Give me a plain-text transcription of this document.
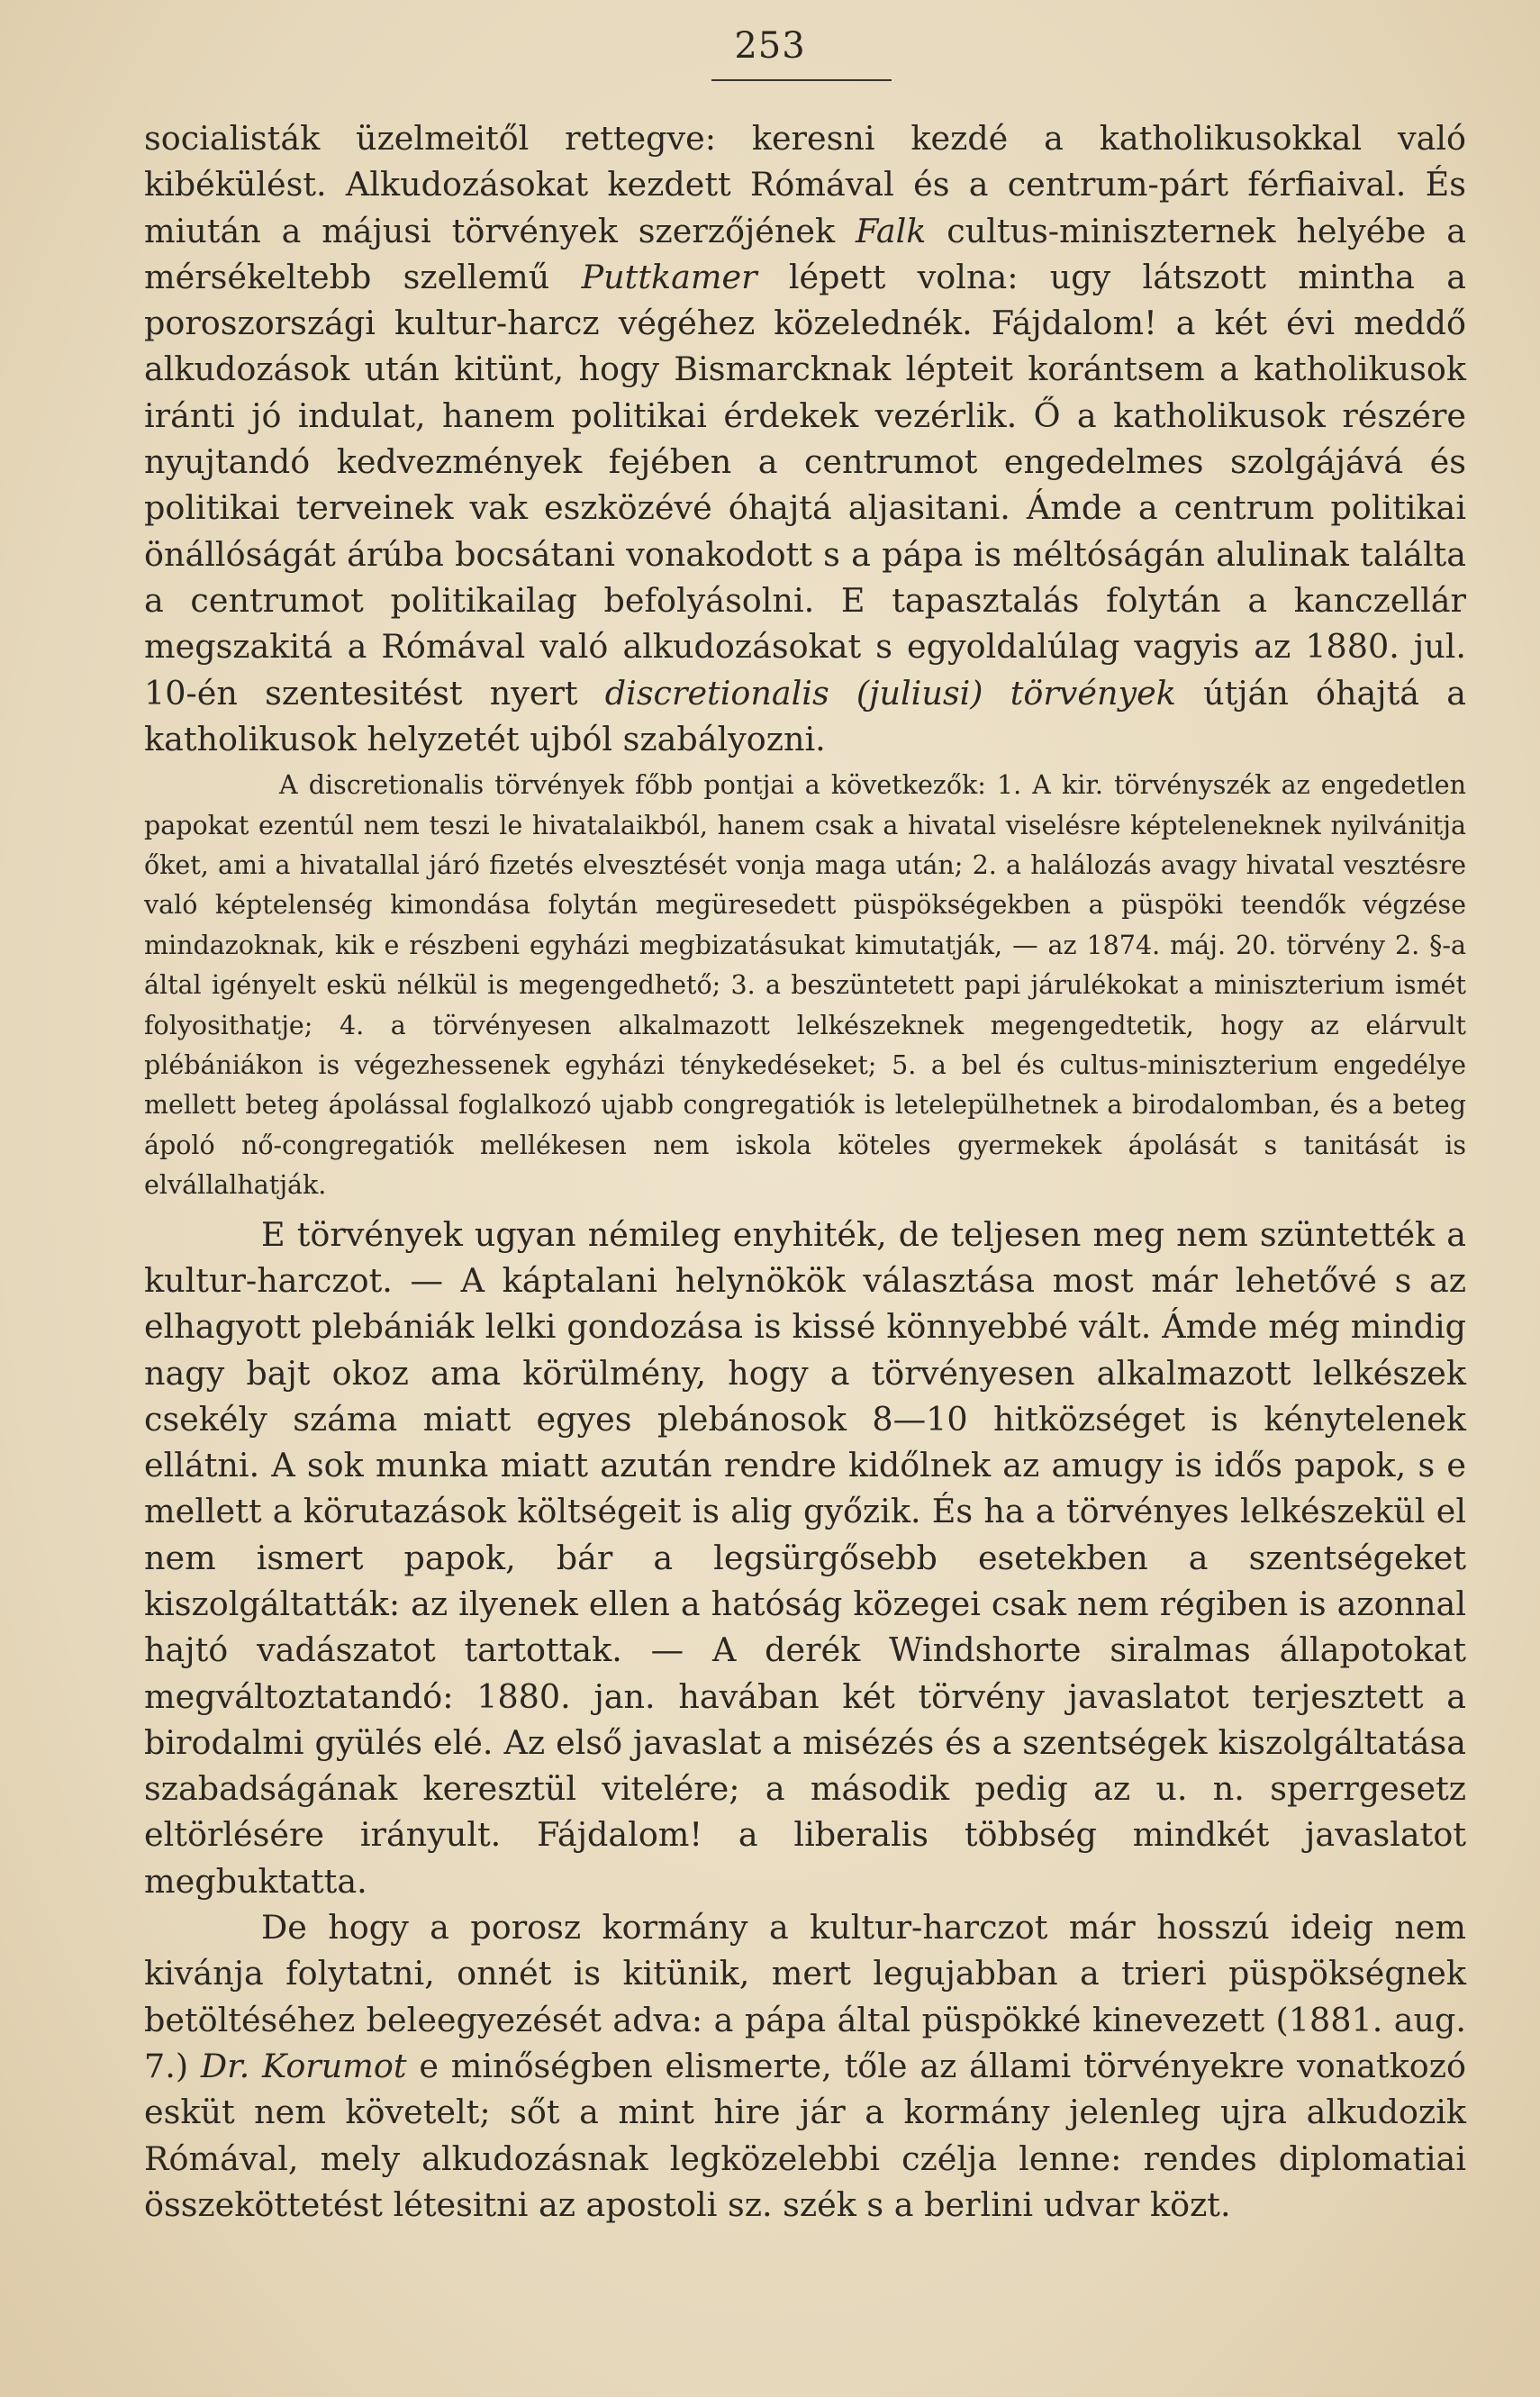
253

socialisták üzelmeitől rettegve: keresni kezdé a katholikusokkal való kibékülést. Alkudozásokat kezdett Rómával és a centrum-párt férfiaival. És miután a májusi törvények szerzőjének Falk cultus-miniszternek helyébe a mérsékeltebb szellemű Puttkamer lépett volna: ugy látszott mintha a poroszországi kultur-harcz végéhez közelednék. Fájdalom! a két évi meddő alkudozások után kitünt, hogy Bismarcknak lépteit korántsem a katholikusok iránti jó indulat, hanem politikai érdekek vezérlik. Ő a katholikusok részére nyujtandó kedvezmények fejében a centrumot engedelmes szolgájává és politikai terveinek vak eszközévé óhajtá aljasitani. Ámde a centrum politikai önállóságát árúba bocsátani vonakodott s a pápa is méltóságán alulinak találta a centrumot politikailag befolyásolni. E tapasztalás folytán a kanczellár megszakitá a Rómával való alkudozásokat s egyoldalúlag vagyis az 1880. jul. 10-én szentesitést nyert discretionalis (juliusi) törvények útján óhajtá a katholikusok helyzetét ujból szabályozni.

A discretionalis törvények főbb pontjai a következők: 1. A kir. törvényszék az engedetlen papokat ezentúl nem teszi le hivatalaikból, hanem csak a hivatal viselésre képteleneknek nyilvánitja őket, ami a hivatallal járó fizetés elvesztését vonja maga után; 2. a halálozás avagy hivatal vesztésre való képtelenség kimondása folytán megüresedett püspökségekben a püspöki teendők végzése mindazoknak, kik e részbeni egyházi megbizatásukat kimutatják, — az 1874. máj. 20. törvény 2. §-a által igényelt eskü nélkül is megengedhető; 3. a beszüntetett papi járulékokat a miniszterium ismét folyosithatje; 4. a törvényesen alkalmazott lelkészeknek megengedtetik, hogy az elárvult plébániákon is végezhessenek egyházi ténykedéseket; 5. a bel és cultus-miniszterium engedélye mellett beteg ápolással foglalkozó ujabb congregatiók is letelepülhetnek a birodalomban, és a beteg ápoló nő-congregatiók mellékesen nem iskola köteles gyermekek ápolását s tanitását is elvállalhatják.

E törvények ugyan némileg enyhiték, de teljesen meg nem szüntették a kultur-harczot. — A káptalani helynökök választása most már lehetővé s az elhagyott plebániák lelki gondozása is kissé könnyebbé vált. Ámde még mindig nagy bajt okoz ama körülmény, hogy a törvényesen alkalmazott lelkészek csekély száma miatt egyes plebánosok 8—10 hitközséget is kénytelenek ellátni. A sok munka miatt azután rendre kidőlnek az amugy is idős papok, s e mellett a körutazások költségeit is alig győzik. És ha a törvényes lelkészekül el nem ismert papok, bár a legsürgősebb esetekben a szentségeket kiszolgáltatták: az ilyenek ellen a hatóság közegei csak nem régiben is azonnal hajtó vadászatot tartottak. — A derék Windshorte siralmas állapotokat megváltoztatandó: 1880. jan. havában két törvény javaslatot terjesztett a birodalmi gyülés elé. Az első javaslat a misézés és a szentségek kiszolgáltatása szabadságának keresztül vitelére; a második pedig az u. n. sperrgesetz eltörlésére irányult. Fájdalom! a liberalis többség mindkét javaslatot megbuktatta.

De hogy a porosz kormány a kultur-harczot már hosszú ideig nem kivánja folytatni, onnét is kitünik, mert legujabban a trieri püspökségnek betöltéséhez beleegyezését adva: a pápa által püspökké kinevezett (1881. aug. 7.) Dr. Korumot e minőségben elismerte, tőle az állami törvényekre vonatkozó esküt nem követelt; sőt a mint hire jár a kormány jelenleg ujra alkudozik Rómával, mely alkudozásnak legközelebbi czélja lenne: rendes diplomatiai összeköttetést létesitni az apostoli sz. szék s a berlini udvar közt.
